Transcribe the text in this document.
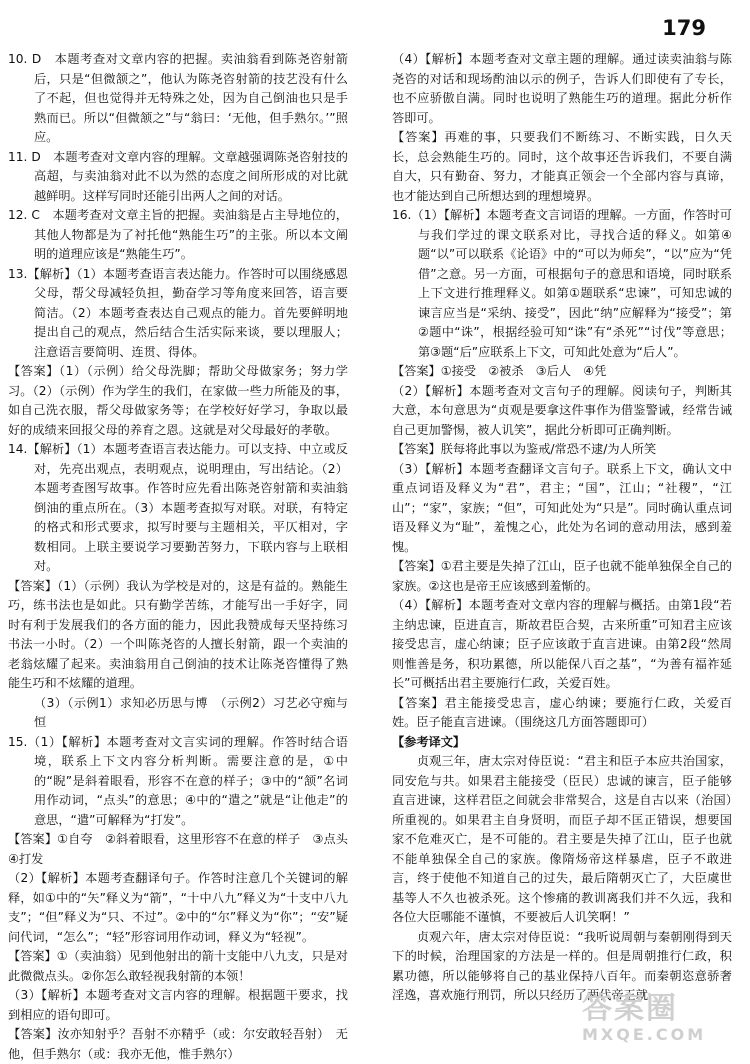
179
10. D　本题考查对文章内容的把握。卖油翁看到陈尧咨射箭后，只是“但微颔之”，他认为陈尧咨射箭的技艺没有什么了不起，但也觉得并无特殊之处，因为自己倒油也只是手熟而已。所以“但微颔之”与“翁曰：‘无他，但手熟尔。’”照应。
11. D　本题考查对文章内容的理解。文章越强调陈尧咨射技的高超，与卖油翁对此不以为然的态度之间所形成的对比就越鲜明。这样写同时还能引出两人之间的对话。
12. C　本题考查对文章主旨的把握。卖油翁是占主导地位的，其他人物都是为了衬托他“熟能生巧”的主张。所以本文阐明的道理应该是“熟能生巧”。
13.【解析】（1）本题考查语言表达能力。作答时可以围绕感恩父母，帮父母减轻负担，勤奋学习等角度来回答，语言要简洁。（2）本题考查表达自己观点的能力。首先要鲜明地提出自己的观点，然后结合生活实际来谈，要以理服人；注意语言要简明、连贯、得体。
【答案】（1）（示例）给父母洗脚；帮助父母做家务；努力学习。（2）（示例）作为学生的我们，在家做一些力所能及的事，如自己洗衣服，帮父母做家务等；在学校好好学习，争取以最好的成绩来回报父母的养育之恩。这就是对父母最好的孝敬。
14.【解析】（1）本题考查语言表达能力。可以支持、中立或反对，先亮出观点，表明观点，说明理由，写出结论。（2）本题考查图写故事。作答时应先看出陈尧咨射箭和卖油翁倒油的重点所在。（3）本题考查拟写对联。对联，有特定的格式和形式要求，拟写时要与主题相关，平仄相对，字数相同。上联主要说学习要勤苦努力，下联内容与上联相对。
【答案】（1）（示例）我认为学校是对的，这是有益的。熟能生巧，练书法也是如此。只有勤学苦练，才能写出一手好字，同时有利于发展我们的各方面的能力，因此我赞成每天坚持练习书法一小时。（2）一个叫陈尧咨的人擅长射箭，跟一个卖油的老翁炫耀了起来。卖油翁用自己倒油的技术让陈尧咨懂得了熟能生巧和不炫耀的道理。
（3）（示例1）求知必历思与博　（示例2）习艺必守痴与恒
15.（1）【解析】本题考查对文言实词的理解。作答时结合语境，联系上下文内容分析判断。需要注意的是，①中的“睨”是斜着眼看，形容不在意的样子；③中的“颔”名词用作动词，“点头”的意思；④中的“遣之”就是“让他走”的意思，“遣”可解释为“打发”。
【答案】①自夸　②斜着眼看，这里形容不在意的样子　③点头　④打发
（2）【解析】本题考查翻译句子。作答时注意几个关键词的解释，如①中的“矢”释义为“箭”，“十中八九”释义为“十支中八九支”；“但”释义为“只、不过”。②中的“尔”释义为“你”；“安”疑问代词，“怎么”；“轻”形容词用作动词，释义为“轻视”。
【答案】①（卖油翁）见到他射出的箭十支能中八九支，只是对此微微点头。②你怎么敢轻视我射箭的本领！
（3）【解析】本题考查对文言内容的理解。根据题干要求，找到相应的语句即可。
【答案】汝亦知射乎？吾射不亦精乎（或：尔安敢轻吾射）　无他，但手熟尔（或：我亦无他，惟手熟尔）
（4）【解析】本题考查对文章主题的理解。通过读卖油翁与陈尧咨的对话和现场酌油以示的例子，告诉人们即使有了专长，也不应骄傲自满。同时也说明了熟能生巧的道理。据此分析作答即可。
【答案】再难的事，只要我们不断练习、不断实践，日久天长，总会熟能生巧的。同时，这个故事还告诉我们，不要自满自大，只有勤奋、努力，才能真正领会一个全部内容与真谛，也才能达到自己所想达到的理想境界。
16.（1）【解析】本题考查文言词语的理解。一方面，作答时可与我们学过的课文联系对比，寻找合适的释义。如第④题“以”可以联系《论语》中的“可以为师矣”，“以”应为“凭借”之意。另一方面，可根据句子的意思和语境，同时联系上下文进行推理释义。如第①题联系“忠谏”，可知忠诚的谏言应当是“采纳、接受”，因此“纳”应解释为“接受”；第②题中“诛”，根据经验可知“诛”有“杀死”“讨伐”等意思；第③题“后”应联系上下文，可知此处意为“后人”。
【答案】①接受　②被杀　③后人　④凭
（2）【解析】本题考查对文言句子的理解。阅读句子，判断其大意，本句意思为“贞观是要拿这件事作为借鉴警诫，经常告诫自己更加警惕，被人讥笑”，据此分析即可正确判断。
【答案】朕每将此事以为鉴戒/常恐不逮/为人所笑
（3）【解析】本题考查翻译文言句子。联系上下文，确认文中重点词语及释义为“君”，君主；“国”，江山；“社稷”，“江山”；“家”，家族；“但”，可知此处为“只是”。同时确认重点词语及释义为“耻”，羞愧之心，此处为名词的意动用法，感到羞愧。
【答案】①君主要是失掉了江山，臣子也就不能单独保全自己的家族。②这也是帝王应该感到羞惭的。
（4）【解析】本题考查对文章内容的理解与概括。由第1段“若主纳忠谏，臣进直言，斯故君臣合契，古来所重”可知君主应该接受忠言，虚心纳谏；臣子应该敢于直言进谏。由第2段“然周则惟善是务，积功累德，所以能保八百之基”，“为善有福祚延长”可概括出君主要施行仁政，关爱百姓。
【答案】君主能接受忠言，虚心纳谏；要施行仁政，关爱百姓。臣子能直言进谏。（围绕这几方面答题即可）
【参考译文】
　　贞观三年，唐太宗对侍臣说：“君主和臣子本应共治国家，同安危与共。如果君主能接受（臣民）忠诚的谏言，臣子能够直言进谏，这样君臣之间就会非常契合，这是自古以来（治国）所重视的。如果君主自身贤明，而臣子却不匡正错误，想要国家不危难灭亡，是不可能的。君主要是失掉了江山，臣子也就不能单独保全自己的家族。像隋炀帝这样暴虐，臣子不敢进言，终于使他不知道自己的过失，最后隋朝灭亡了，大臣虞世基等人不久也被杀死。这个惨痛的教训离我们并不久远，我和各位大臣哪能不谨慎，不要被后人讥笑啊！”
　　贞观六年，唐太宗对侍臣说：“我听说周朝与秦朝刚得到天下的时候，治理国家的方法是一样的。但是周朝推行仁政，积累功德，所以能够将自己的基业保持八百年。而秦朝恣意骄奢淫逸，喜欢施行刑罚，所以只经历了两代帝王就
答案圈
MXQE.COM
